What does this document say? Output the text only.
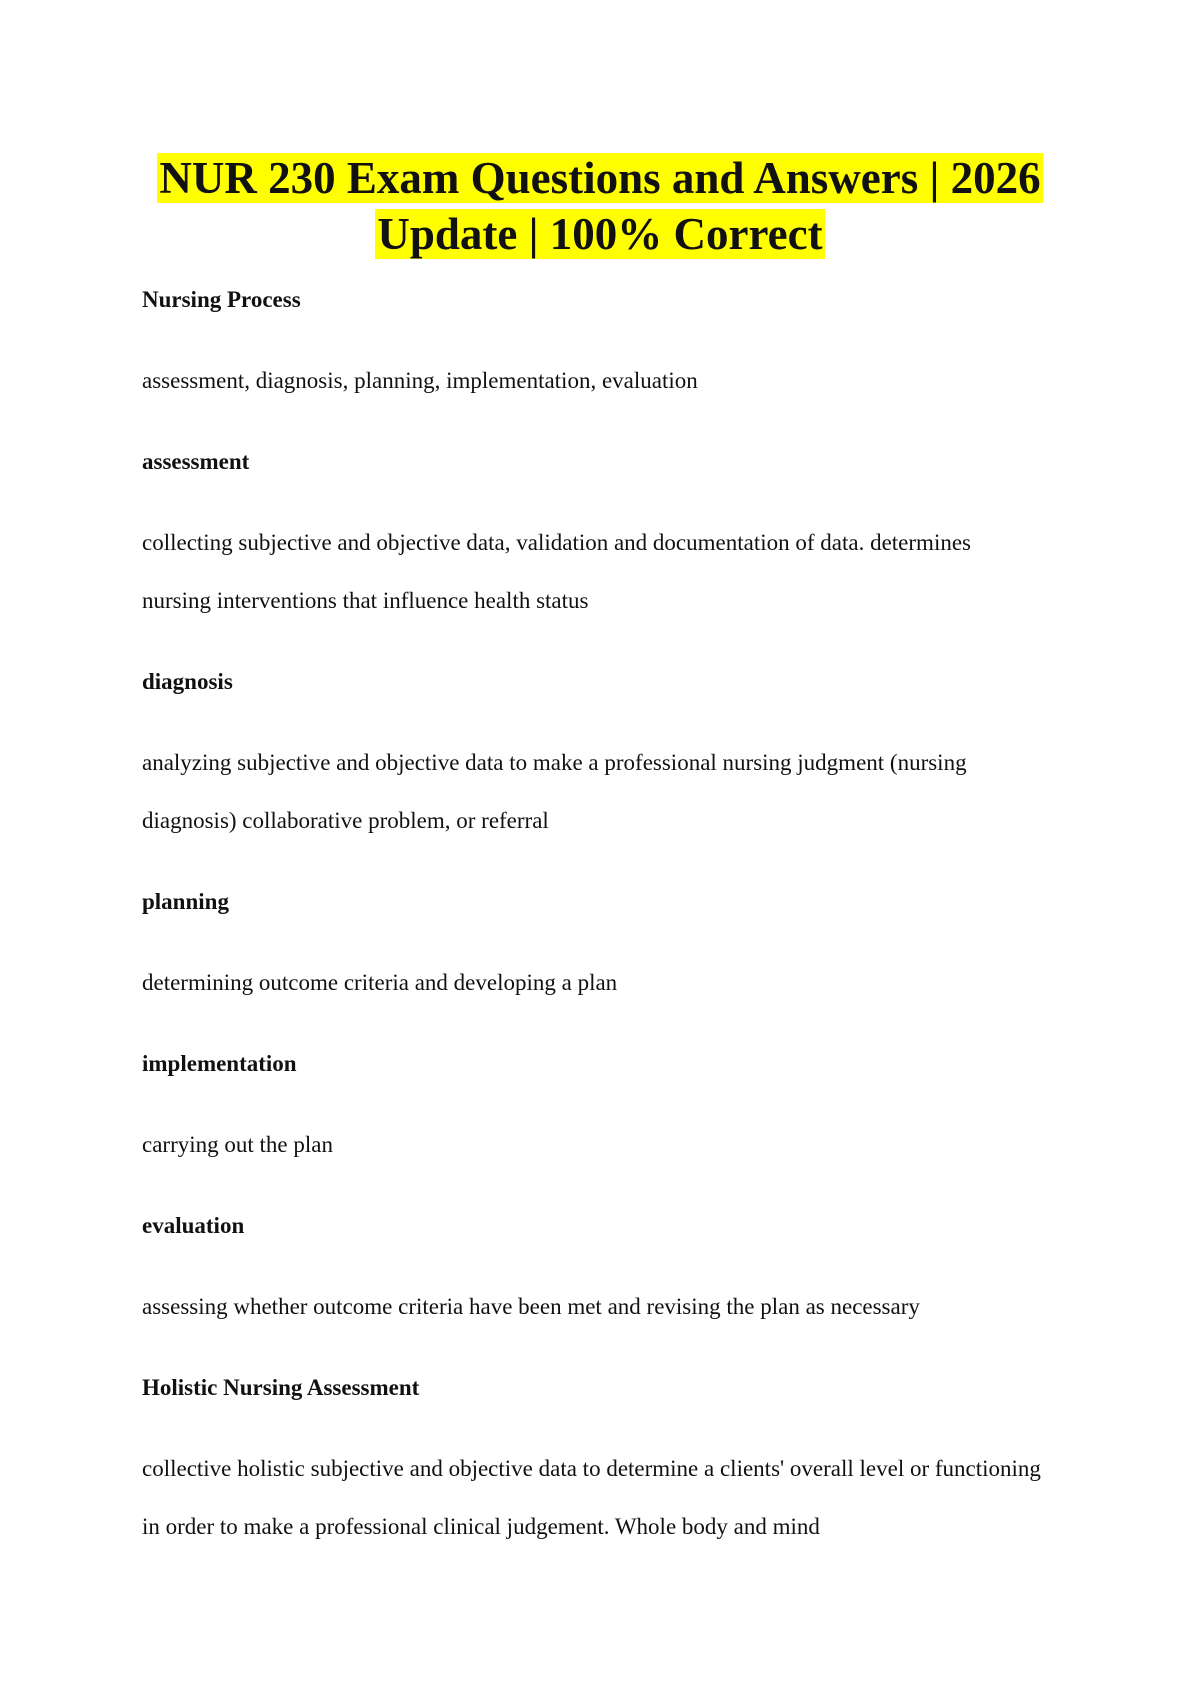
NUR 230 Exam Questions and Answers | 2026
Update | 100% Correct

Nursing Process

assessment, diagnosis, planning, implementation, evaluation

assessment

collecting subjective and objective data, validation and documentation of data. determines nursing interventions that influence health status

diagnosis

analyzing subjective and objective data to make a professional nursing judgment (nursing diagnosis) collaborative problem, or referral

planning

determining outcome criteria and developing a plan

implementation

carrying out the plan

evaluation

assessing whether outcome criteria have been met and revising the plan as necessary

Holistic Nursing Assessment

collective holistic subjective and objective data to determine a clients' overall level or functioning in order to make a professional clinical judgement. Whole body and mind
